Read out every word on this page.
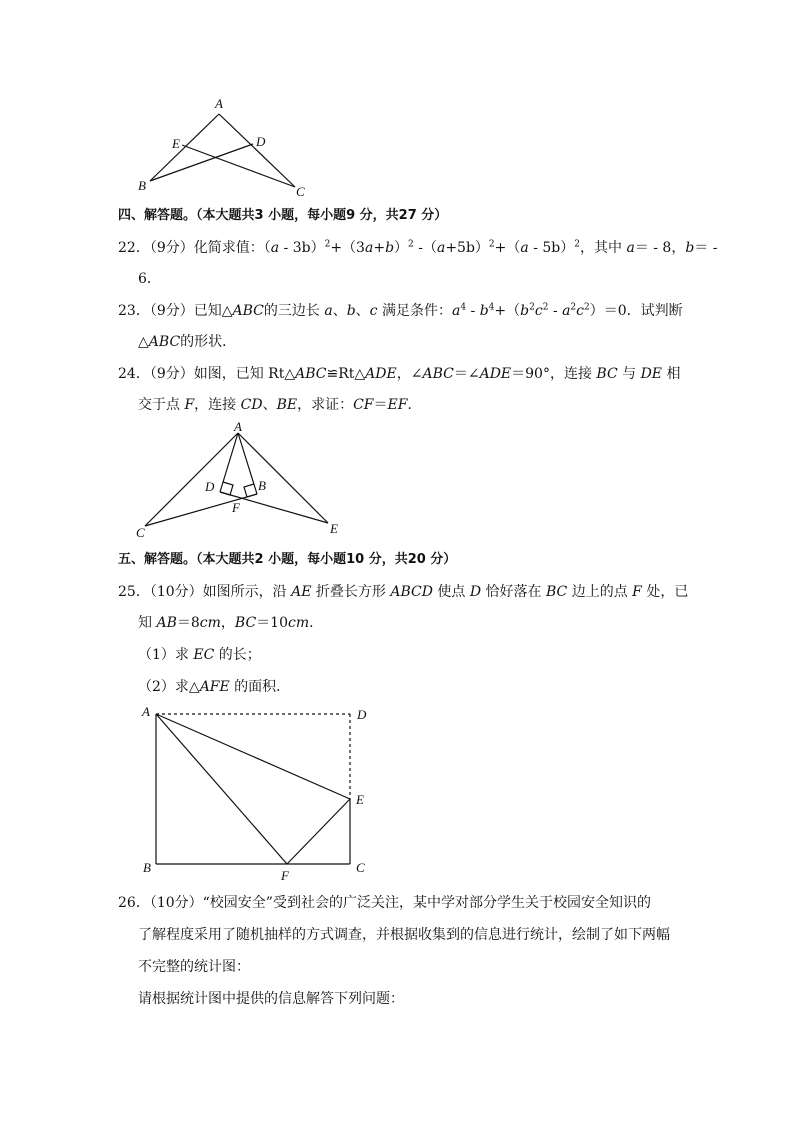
A
E	D
B	C
四、解答题。（本大题共3 小题，每小题9 分，共27 分）
22．（9分）化简求值：$(a - 3b)^2+(3a+b)^2$ $-(a+5b)^2+(a - 5b)^2$，其中 a＝ - 8，b＝ -
6．
23．（9分）已知△ABC的三边长 a、b、c 满足条件：$a^4 - b^4+(b^2c^2 - a^2c^2)=0$．试判断
△ABC的形状．
24．（9分）如图，已知 Rt△ABC≌Rt△ADE，∠ABC＝∠ADE＝90°，连接 BC 与 DE 相
交于点 F，连接 CD、BE，求证：CF＝EF．
A
D	B
F
C	E
五、解答题。（本大题共2 小题，每小题10 分，共20 分）
25．（10分）如图所示，沿 AE 折叠长方形 ABCD 使点 D 恰好落在 BC 边上的点 F 处，已
知 AB＝8cm，BC＝10cm．
（1）求 EC 的长；
（2）求△AFE 的面积．
A	D
E
B	C
F
26．（10分）“校园安全”受到社会的广泛关注，某中学对部分学生关于校园安全知识的
了解程度采用了随机抽样的方式调查，并根据收集到的信息进行统计，绘制了如下两幅
不完整的统计图：
请根据统计图中提供的信息解答下列问题：
